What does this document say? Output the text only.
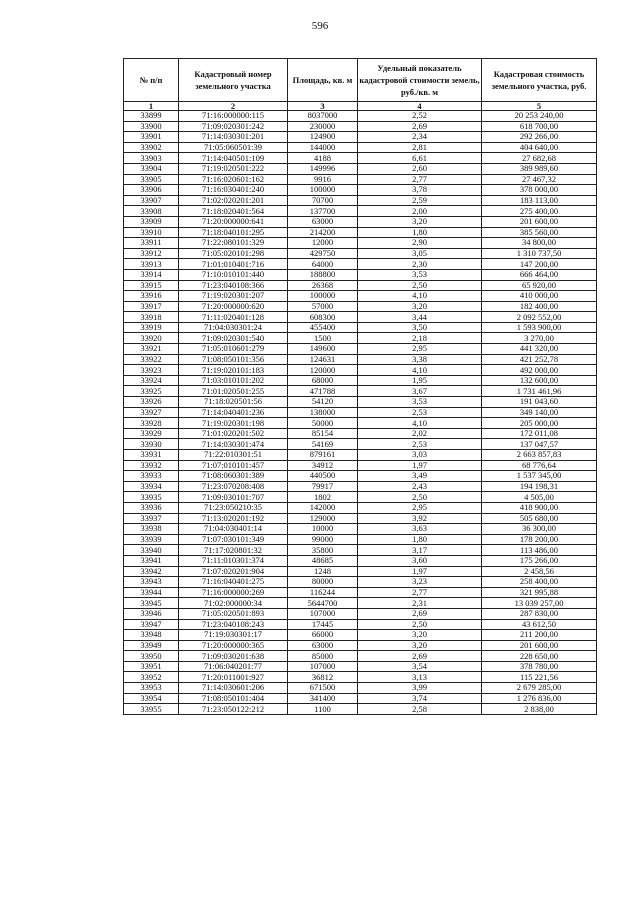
596
№ п/п	Кадастровый номер земельного участка	Площадь, кв. м	Удельный показатель кадастровой стоимости земель, руб./кв. м	Кадастровая стоимость земельного участка, руб.
1	2	3	4	5
33899	71:16:000000:115	8037000	2,52	20 253 240,00
33900	71:09:020301:242	230000	2,69	618 700,00
33901	71:14:030301:201	124900	2,34	292 266,00
33902	71:05:060501:39	144000	2,81	404 640,00
33903	71:14:040501:109	4188	6,61	27 682,68
33904	71:19:020501:222	149996	2,60	389 989,60
33905	71:16:020601:162	9916	2,77	27 467,32
33906	71:16:030401:240	100000	3,78	378 000,00
33907	71:02:020201:201	70700	2,59	183 113,00
33908	71:18:020401:564	137700	2,00	275 400,00
33909	71:20:000000:641	63000	3,20	201 600,00
33910	71:18:040101:295	214200	1,80	385 560,00
33911	71:22:080101:329	12000	2,90	34 800,00
33912	71:05:020101:298	429750	3,05	1 310 737,50
33913	71:01:010401:716	64000	2,30	147 200,00
33914	71:10:010101:440	188800	3,53	666 464,00
33915	71:23:040108:366	26368	2,50	65 920,00
33916	71:19:020301:207	100000	4,10	410 000,00
33917	71:20:000000:620	57000	3,20	182 400,00
33918	71:11:020401:128	608300	3,44	2 092 552,00
33919	71:04:030301:24	455400	3,50	1 593 900,00
33920	71:09:020301:540	1500	2,18	3 270,00
33921	71:05:010601:279	149600	2,95	441 320,00
33922	71:08:050101:356	124631	3,38	421 252,78
33923	71:19:020101:183	120000	4,10	492 000,00
33924	71:03:010101:202	68000	1,95	132 600,00
33925	71:01:020501:255	471788	3,67	1 731 461,96
33926	71:18:020501:56	54120	3,53	191 043,60
33927	71:14:040401:236	138000	2,53	349 140,00
33928	71:19:020301:198	50000	4,10	205 000,00
33929	71:01:020201:502	85154	2,02	172 011,08
33930	71:14:030301:474	54169	2,53	137 047,57
33931	71:22:010301:51	879161	3,03	2 663 857,83
33932	71:07:010101:457	34912	1,97	68 776,64
33933	71:08:060301:389	440500	3,49	1 537 345,00
33934	71:23:070208:408	79917	2,43	194 198,31
33935	71:09:030101:707	1802	2,50	4 505,00
33936	71:23:050210:35	142000	2,95	418 900,00
33937	71:13:020201:192	129000	3,92	505 680,00
33938	71:04:030401:14	10000	3,63	36 300,00
33939	71:07:030101:349	99000	1,80	178 200,00
33940	71:17:020801:32	35800	3,17	113 486,00
33941	71:11:010301:374	48685	3,60	175 266,00
33942	71:07:020201:904	1248	1,97	2 458,56
33943	71:16:040401:275	80000	3,23	258 400,00
33944	71:16:000000:269	116244	2,77	321 995,88
33945	71:02:000000:34	5644700	2,31	13 039 257,00
33946	71:05:020501:893	107000	2,69	287 830,00
33947	71:23:040108:243	17445	2,50	43 612,50
33948	71:19:030301:17	66000	3,20	211 200,00
33949	71:20:000000:365	63000	3,20	201 600,00
33950	71:09:030201:638	85000	2,69	228 650,00
33951	71:06:040201:77	107000	3,54	378 780,00
33952	71:20:011001:927	36812	3,13	115 221,56
33953	71:14:030601:206	671500	3,99	2 679 285,00
33954	71:08:050101:404	341400	3,74	1 276 836,00
33955	71:23:050122:212	1100	2,58	2 838,00
